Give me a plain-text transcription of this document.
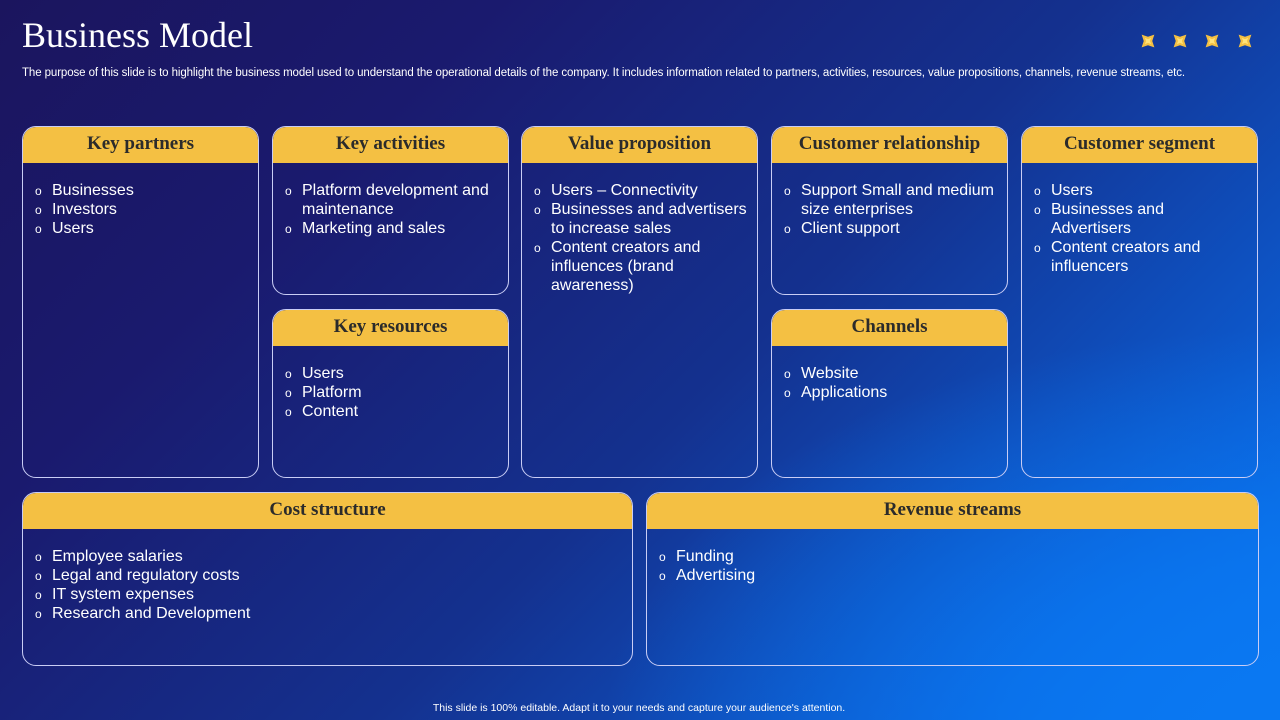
Business Model
The purpose of this slide is to highlight the business model used to understand the operational details of the company. It includes information related to partners, activities, resources, value propositions, channels, revenue streams, etc.
Key partners
o Businesses
o Investors
o Users
Key activities
o Platform development and maintenance
o Marketing and sales
Key resources
o Users
o Platform
o Content
Value proposition
o Users – Connectivity
o Businesses and advertisers to increase sales
o Content creators and influences (brand awareness)
Customer relationship
o Support Small and medium size enterprises
o Client support
Channels
o Website
o Applications
Customer segment
o Users
o Businesses and Advertisers
o Content creators and influencers
Cost structure
o Employee salaries
o Legal and regulatory costs
o IT system expenses
o Research and Development
Revenue streams
o Funding
o Advertising
This slide is 100% editable. Adapt it to your needs and capture your audience's attention.
